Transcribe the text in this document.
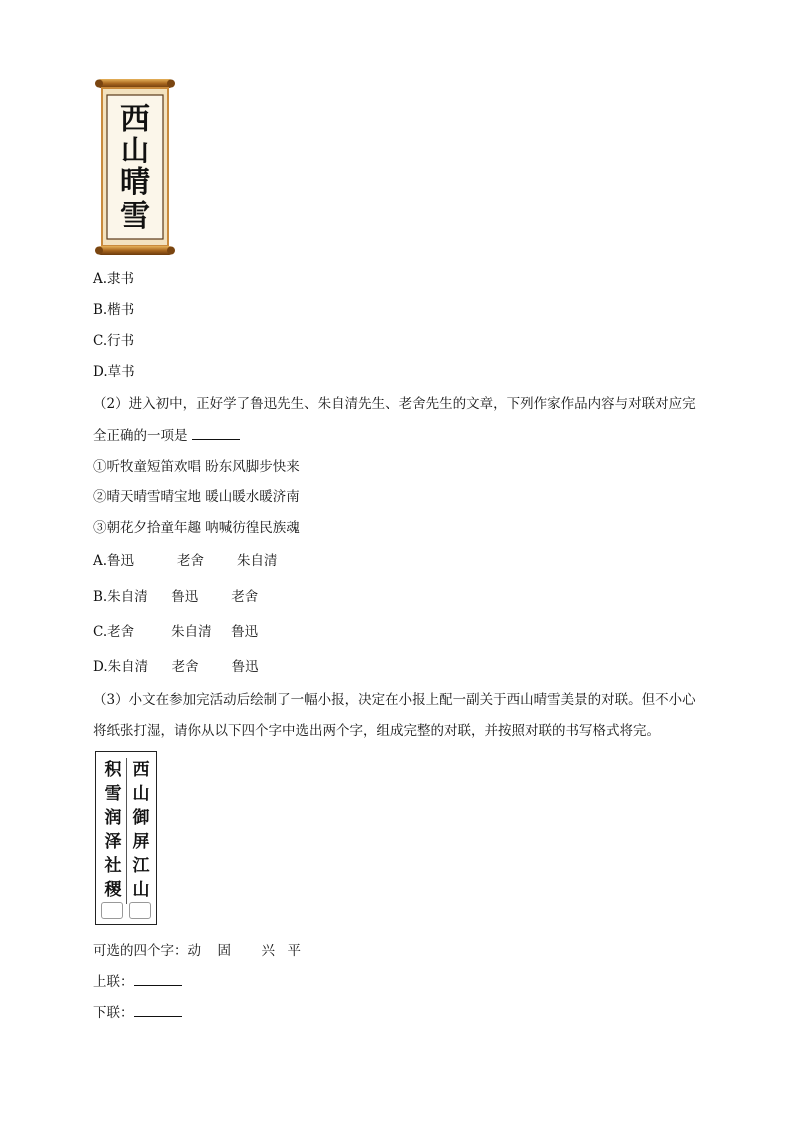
西
山
晴
雪
A.隶书
B.楷书
C.行书
D.草书
（2）进入初中，正好学了鲁迅先生、朱自清先生、老舍先生的文章，下列作家作品内容与对联对应完
全正确的一项是
①听牧童短笛欢唱 盼东风脚步快来
②晴天晴雪晴宝地 暖山暖水暖济南
③朝花夕拾童年趣 呐喊彷徨民族魂
A.鲁迅	老舍 朱自清
B.朱自清 鲁迅 老舍
C.老舍	朱自清 鲁迅
D.朱自清 老舍 鲁迅
（3）小文在参加完活动后绘制了一幅小报，决定在小报上配一副关于西山晴雪美景的对联。但不小心
将纸张打湿，请你从以下四个字中选出两个字，组成完整的对联，并按照对联的书写格式将完。
积
雪
润
泽
社
稷
西
山
御
屏
江
山
可选的四个字：动 固 兴 平
上联：
下联：
